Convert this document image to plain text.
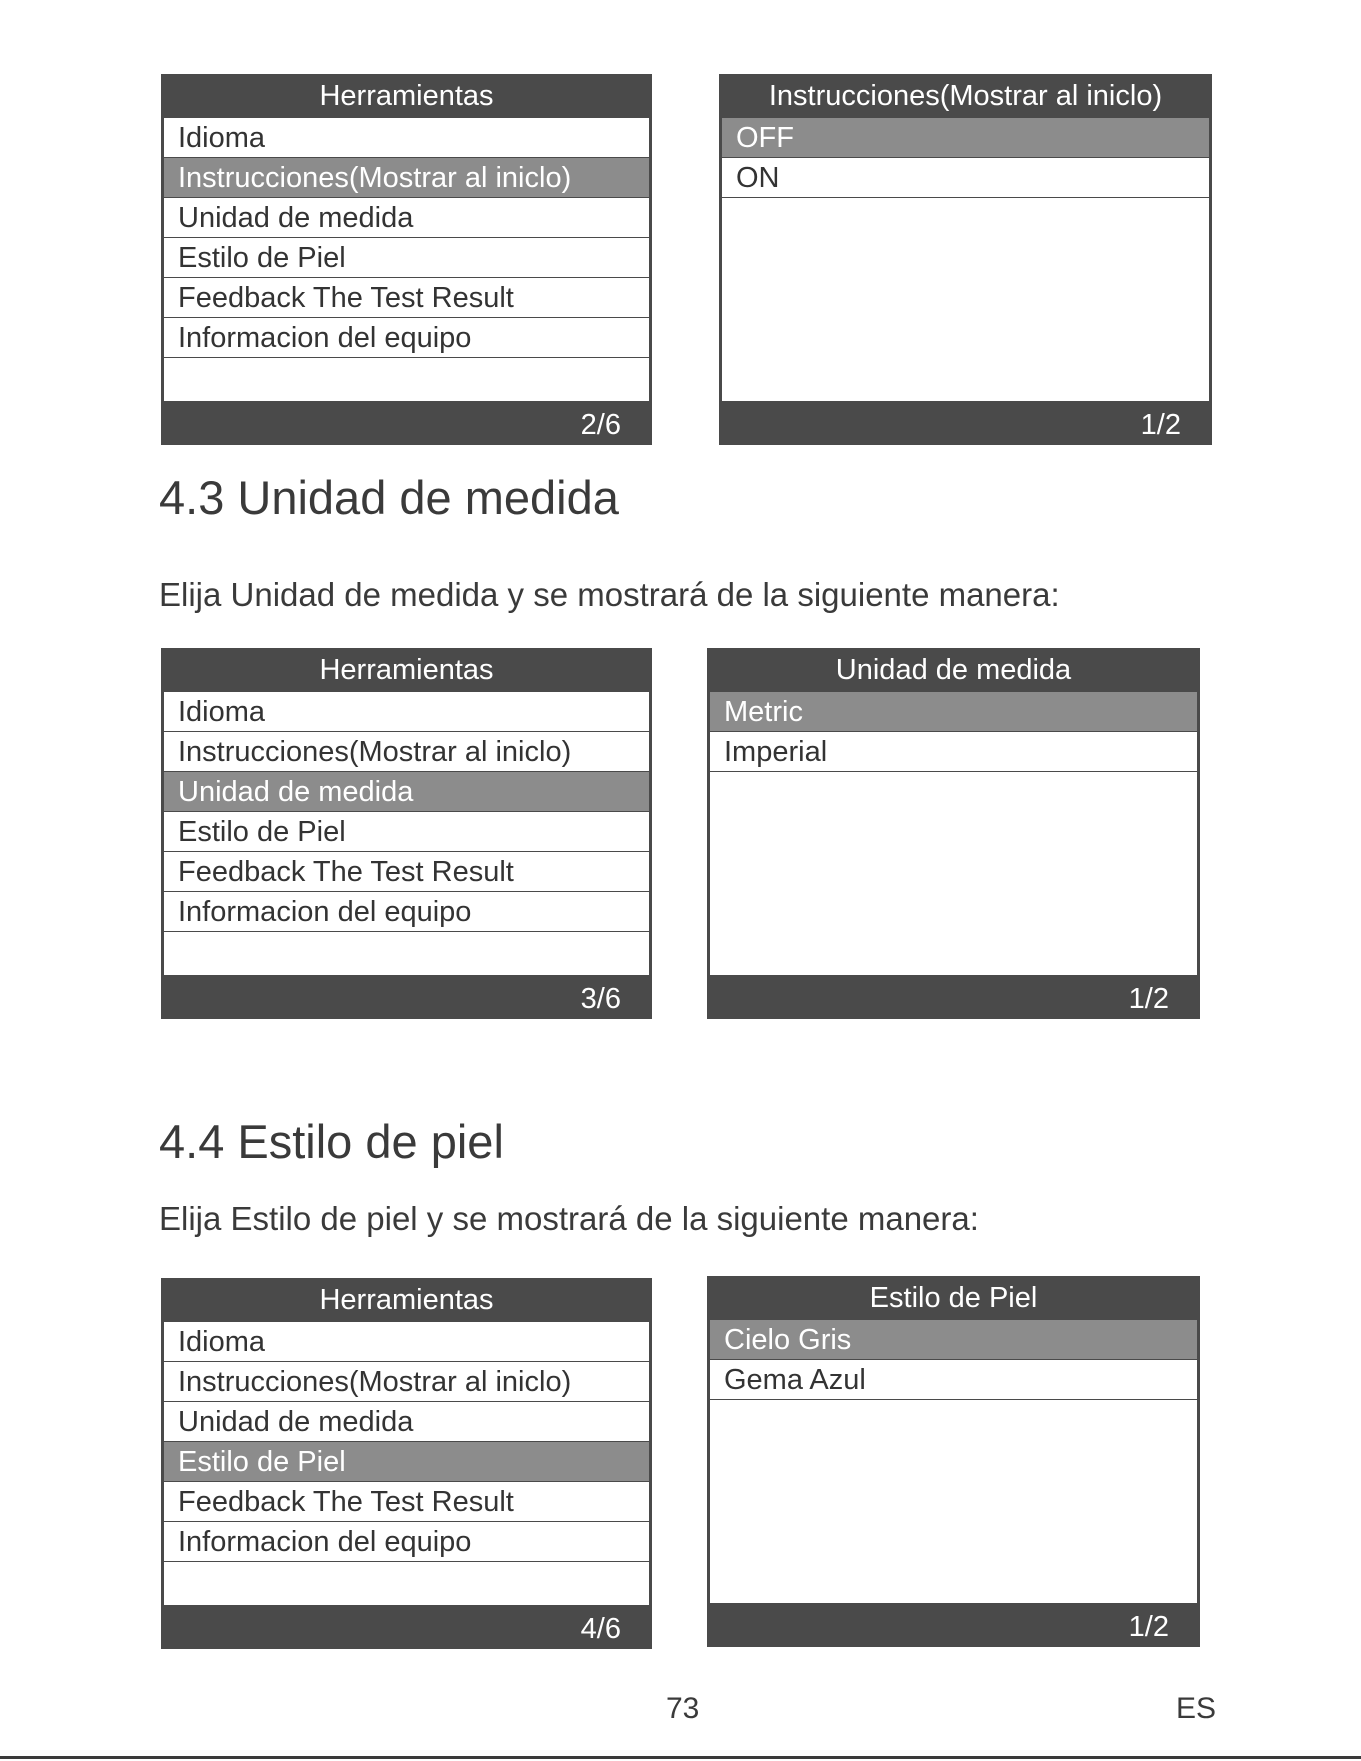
Herramientas
Idioma
Instrucciones(Mostrar al iniclo)
Unidad de medida
Estilo de Piel
Feedback The Test Result
Informacion del equipo
2/6
Instrucciones(Mostrar al iniclo)
OFF
ON
1/2
4.3 Unidad de medida

Elija Unidad de medida y se mostrará de la siguiente manera:

Herramientas
Idioma
Instrucciones(Mostrar al iniclo)
Unidad de medida
Estilo de Piel
Feedback The Test Result
Informacion del equipo
3/6
Unidad de medida
Metric
Imperial
1/2
4.4 Estilo de piel

Elija Estilo de piel y se mostrará de la siguiente manera:

Herramientas
Idioma
Instrucciones(Mostrar al iniclo)
Unidad de medida
Estilo de Piel
Feedback The Test Result
Informacion del equipo
4/6
Estilo de Piel
Cielo Gris
Gema Azul
1/2
73	ES
